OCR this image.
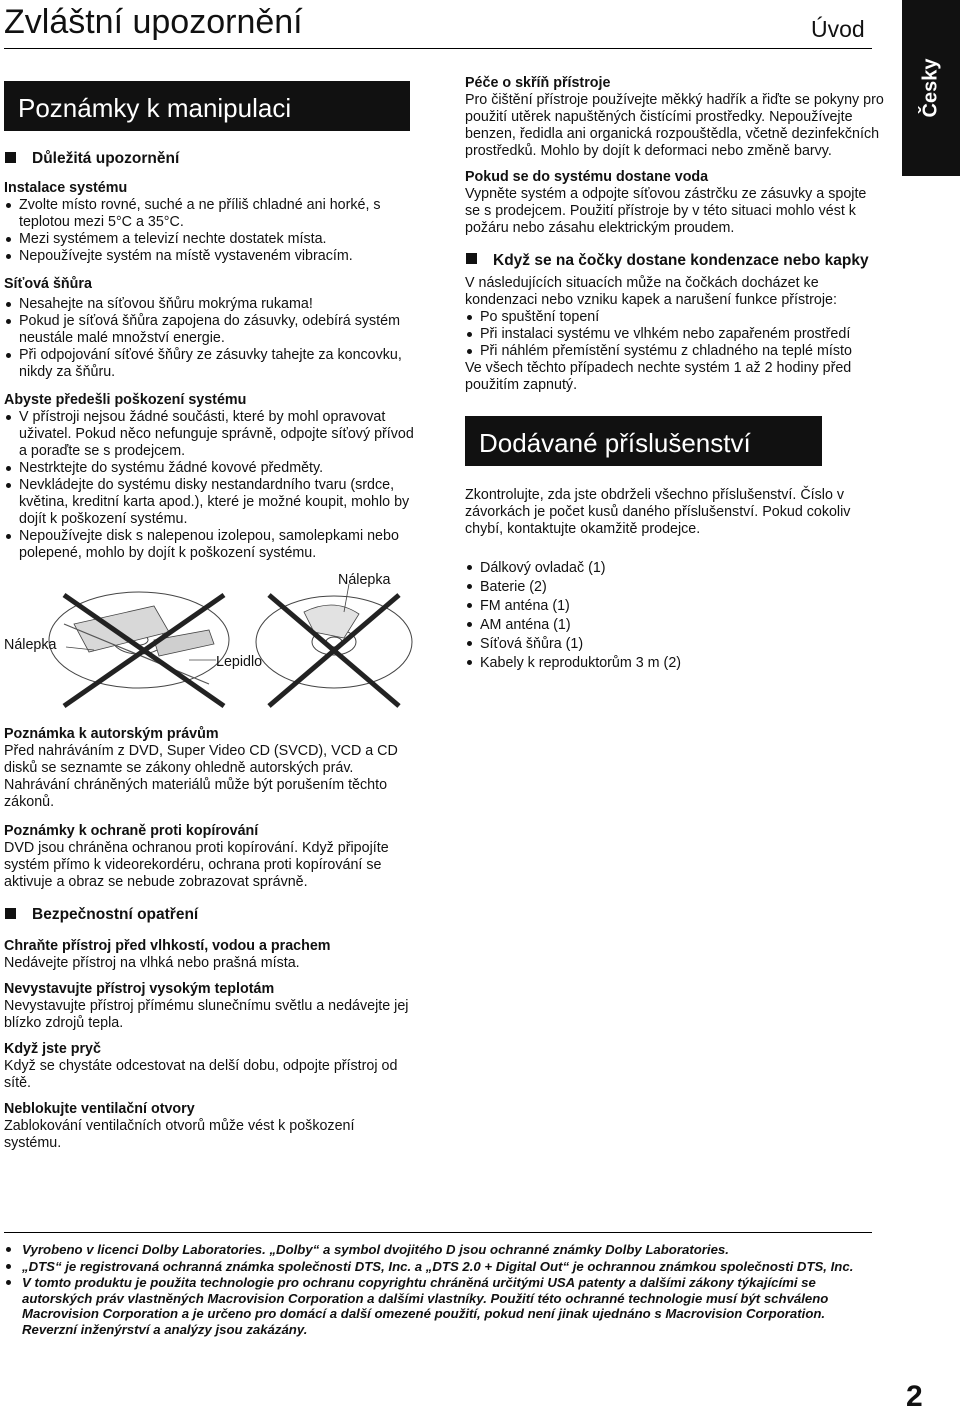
Zvláštní upozornění	Úvod
Česky
Poznámky k manipulaci
Důležitá upozornění
Instalace systému
Zvolte místo rovné, suché a ne příliš chladné ani horké, s teplotou mezi 5°C a 35°C.
Mezi systémem a televizí nechte dostatek místa.
Nepoužívejte systém na místě vystaveném vibracím.
Síťová šňůra
Nesahejte na síťovou šňůru mokrýma rukama!
Pokud je síťová šňůra zapojena do zásuvky, odebírá systém neustále malé množství energie.
Při odpojování síťové šňůry ze zásuvky tahejte za koncovku, nikdy za šňůru.
Abyste předešli poškození systému
V přístroji nejsou žádné součásti, které by mohl opravovat uživatel. Pokud něco nefunguje správně, odpojte síťový přívod a poraďte se s prodejcem.
Nestrktejte do systému žádné kovové předměty.
Nevkládejte do systému disky nestandardního tvaru (srdce, květina, kreditní karta apod.), které je možné koupit, mohlo by dojít k poškození systému.
Nepoužívejte disk s nalepenou izolepou, samolepkami nebo polepené, mohlo by dojít k poškození systému.
Nálepka
Lepidlo
Nálepka
Poznámka k autorským právům
Před nahráváním z DVD, Super Video CD (SVCD), VCD a CD disků se seznamte se zákony ohledně autorských práv. Nahrávání chráněných materiálů může být porušením těchto zákonů.
Poznámky k ochraně proti kopírování
DVD jsou chráněna ochranou proti kopírování. Když připojíte systém přímo k videorekordéru, ochrana proti kopírování se aktivuje a obraz se nebude zobrazovat správně.
Bezpečnostní opatření
Chraňte přístroj před vlhkostí, vodou a prachem
Nedávejte přístroj na vlhká nebo prašná místa.
Nevystavujte přístroj vysokým teplotám
Nevystavujte přístroj přímému slunečnímu světlu a nedávejte jej blízko zdrojů tepla.
Když jste pryč
Když se chystáte odcestovat na delší dobu, odpojte přístroj od sítě.
Neblokujte ventilační otvory
Zablokování ventilačních otvorů může vést k poškození systému.
Péče o skříň přístroje
Pro čištění přístroje používejte měkký hadřík a řiďte se pokyny pro použití utěrek napuštěných čistícími prostředky. Nepoužívejte benzen, ředidla ani organická rozpouštědla, včetně dezinfekčních prostředků. Mohlo by dojít k deformaci nebo změně barvy.
Pokud se do systému dostane voda
Vypněte systém a odpojte síťovou zástrčku ze zásuvky a spojte se s prodejcem. Použití přístroje by v této situaci mohlo vést k požáru nebo zásahu elektrickým proudem.
Když se na čočky dostane kondenzace nebo kapky
V následujících situacích může na čočkách docházet ke kondenzaci nebo vzniku kapek a narušení funkce přístroje:
Po spuštění topení
Při instalaci systému ve vlhkém nebo zapařeném prostředí
Při náhlém přemístění systému z chladného na teplé místo
Ve všech těchto případech nechte systém 1 až 2 hodiny před použitím zapnutý.
Dodávané příslušenství
Zkontrolujte, zda jste obdrželi všechno příslušenství. Číslo v závorkách je počet kusů daného příslušenství. Pokud cokoliv chybí, kontaktujte okamžitě prodejce.
Dálkový ovladač (1)
Baterie (2)
FM anténa (1)
AM anténa (1)
Síťová šňůra (1)
Kabely k reproduktorům 3 m (2)
Vyrobeno v licenci Dolby Laboratories. „Dolby“ a symbol dvojitého D jsou ochranné známky Dolby Laboratories.
„DTS“ je registrovaná ochranná známka společnosti DTS, Inc. a „DTS 2.0 + Digital Out“ je ochrannou známkou společnosti DTS, Inc.
V tomto produktu je použita technologie pro ochranu copyrightu chráněná určitými USA patenty a dalšími zákony týkajícími se autorských práv vlastněných Macrovision Corporation a dalšími vlastníky. Použití této ochranné technologie musí být schváleno Macrovision Corporation a je určeno pro domácí a další omezené použití, pokud není jinak ujednáno s Macrovision Corporation. Reverzní inženýrství a analýzy jsou zakázány.
2
